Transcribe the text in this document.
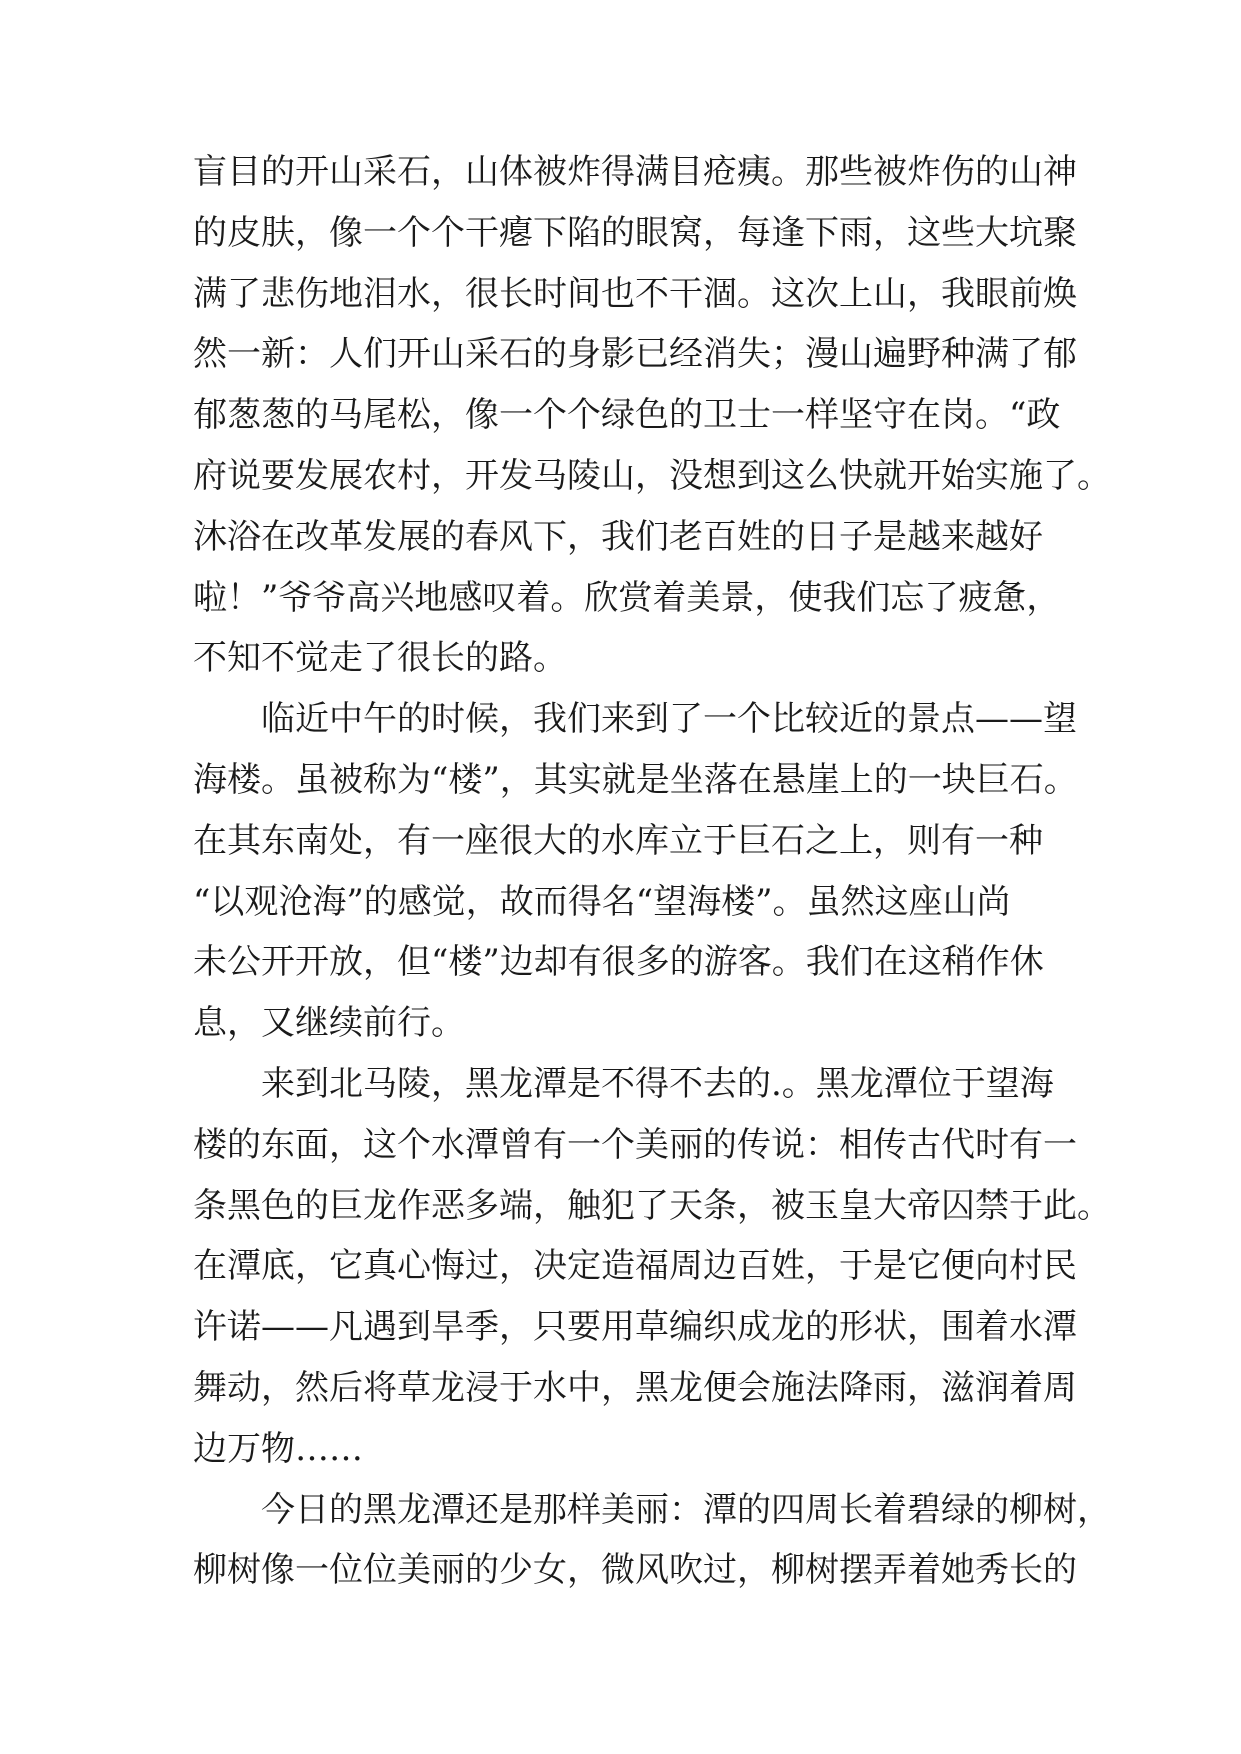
盲目的开山采石，山体被炸得满目疮痍。那些被炸伤的山神
的皮肤，像一个个干瘪下陷的眼窝，每逢下雨，这些大坑聚
满了悲伤地泪水，很长时间也不干涸。这次上山，我眼前焕
然一新：人们开山采石的身影已经消失；漫山遍野种满了郁
郁葱葱的马尾松，像一个个绿色的卫士一样坚守在岗。“政
府说要发展农村，开发马陵山，没想到这么快就开始实施了。
沐浴在改革发展的春风下，我们老百姓的日子是越来越好
啦！”爷爷高兴地感叹着。欣赏着美景，使我们忘了疲惫，
不知不觉走了很长的路。
临近中午的时候，我们来到了一个比较近的景点——望
海楼。虽被称为“楼”，其实就是坐落在悬崖上的一块巨石。
在其东南处，有一座很大的水库立于巨石之上，则有一种
“以观沧海”的感觉，故而得名“望海楼”。虽然这座山尚
未公开开放，但“楼”边却有很多的游客。我们在这稍作休
息，又继续前行。
来到北马陵，黑龙潭是不得不去的.。黑龙潭位于望海
楼的东面，这个水潭曾有一个美丽的传说：相传古代时有一
条黑色的巨龙作恶多端，触犯了天条，被玉皇大帝囚禁于此。
在潭底，它真心悔过，决定造福周边百姓，于是它便向村民
许诺——凡遇到旱季，只要用草编织成龙的形状，围着水潭
舞动，然后将草龙浸于水中，黑龙便会施法降雨，滋润着周
边万物……
今日的黑龙潭还是那样美丽：潭的四周长着碧绿的柳树，
柳树像一位位美丽的少女，微风吹过，柳树摆弄着她秀长的
